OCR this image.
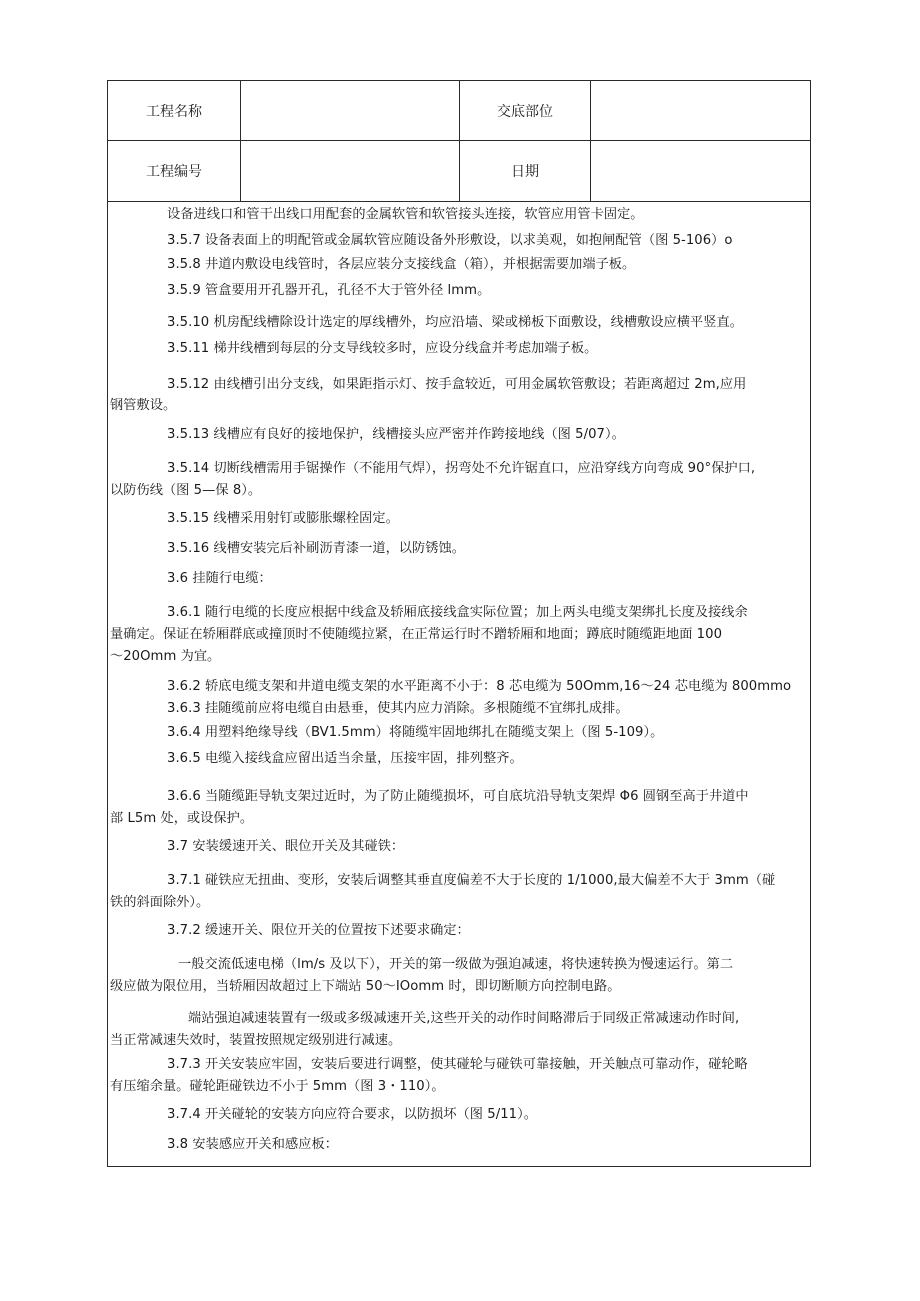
工程名称	交底部位
工程编号	日期
设备进线口和管干出线口用配套的金属软管和软管接头连接，软管应用管卡固定。
3.5.7 设备表面上的明配管或金属软管应随设备外形敷设，以求美观，如抱闸配管（图 5-106）o
3.5.8 井道内敷设电线管时，各层应装分支接线盒（箱），并根据需要加端子板。
3.5.9 管盒要用开孔器开孔，孔径不大于管外径 lmm。
3.5.10 机房配线槽除设计选定的厚线槽外，均应沿墙、梁或梯板下面敷设，线槽敷设应横平竖直。
3.5.11 梯井线槽到每层的分支导线较多时，应设分线盒并考虑加端子板。
3.5.12 由线槽引出分支线，如果距指示灯、按手盒较近，可用金属软管敷设；若距离超过 2m,应用
钢管敷设。
3.5.13 线槽应有良好的接地保护，线槽接头应严密并作跨接地线（图 5/07）。
3.5.14 切断线槽需用手锯操作（不能用气焊），拐弯处不允许锯直口，应沿穿线方向弯成 90°保护口,
以防伤线（图 5—保 8）。
3.5.15 线槽采用射钉或膨胀螺栓固定。
3.5.16 线槽安装完后补刷沥青漆一道，以防锈蚀。
3.6 挂随行电缆：
3.6.1 随行电缆的长度应根据中线盒及轿厢底接线盒实际位置；加上两头电缆支架绑扎长度及接线余
量确定。保证在轿厢群底或撞顶时不使随缆拉紧，在正常运行时不蹭轿厢和地面；蹲底时随缆距地面 100
～20Omm 为宜。
3.6.2 轿底电缆支架和井道电缆支架的水平距离不小于：8 芯电缆为 50Omm,16～24 芯电缆为 800mmo
3.6.3 挂随缆前应将电缆自由悬垂，使其内应力消除。多根随缆不宜绑扎成排。
3.6.4 用塑料绝缘导线（BV1.5mm）将随缆牢固地绑扎在随缆支架上（图 5-109）。
3.6.5 电缆入接线盒应留出适当余量，压接牢固，排列整齐。
3.6.6 当随缆距导轨支架过近时，为了防止随缆损坏，可自底坑沿导轨支架焊 Φ6 圆钢至高于井道中
部 L5m 处，或设保护。
3.7 安装缓速开关、眼位开关及其碰铁：
3.7.1 碰铁应无扭曲、变形，安装后调整其垂直度偏差不大于长度的 1/1000,最大偏差不大于 3mm（碰
铁的斜面除外）。
3.7.2 缓速开关、限位开关的位置按下述要求确定：
一般交流低速电梯（lm/s 及以下），开关的第一级做为强迫减速，将快速转换为慢速运行。第二
级应做为限位用，当轿厢因故超过上下端站 50～IOomm 时，即切断顺方向控制电路。
端站强迫减速装置有一级或多级减速开关,这些开关的动作时间略滞后于同级正常减速动作时间,
当正常减速失效时，装置按照规定级别进行减速。
3.7.3 开关安装应牢固，安装后要进行调整，使其碰轮与碰铁可靠接触，开关触点可靠动作，碰轮略
有压缩余量。碰轮距碰铁边不小于 5mm（图 3・110）。
3.7.4 开关碰轮的安装方向应符合要求，以防损坏（图 5/11）。
3.8 安装感应开关和感应板：
